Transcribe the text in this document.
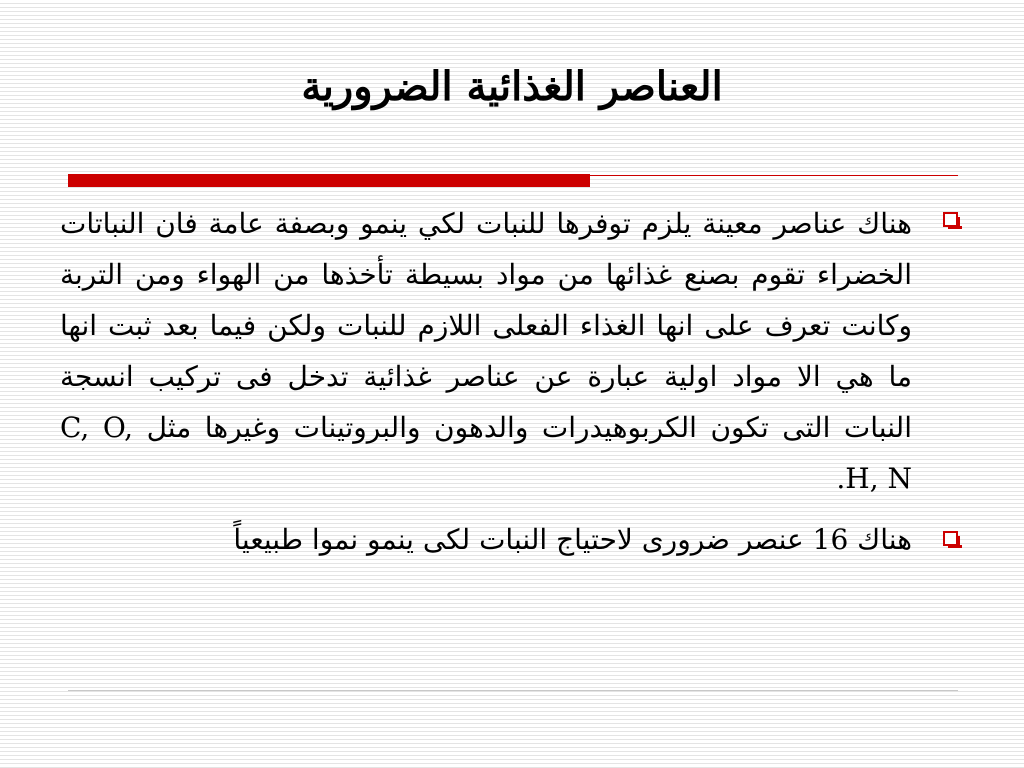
العناصر الغذائية الضرورية
هناك عناصر معينة يلزم توفرها للنبات لكي ينمو وبصفة عامة فان النباتات الخضراء تقوم بصنع غذائها من مواد بسيطة تأخذها من الهواء ومن التربة وكانت تعرف على انها الغذاء الفعلى اللازم للنبات ولكن فيما بعد ثبت انها ما هي الا مواد اولية عبارة عن عناصر غذائية تدخل فى تركيب انسجة النبات التى تكون الكربوهيدرات والدهون والبروتينات وغيرها مثل C, O, H, N.
هناك 16 عنصر ضرورى لاحتياج النبات لكى ينمو نموا طبيعياً
